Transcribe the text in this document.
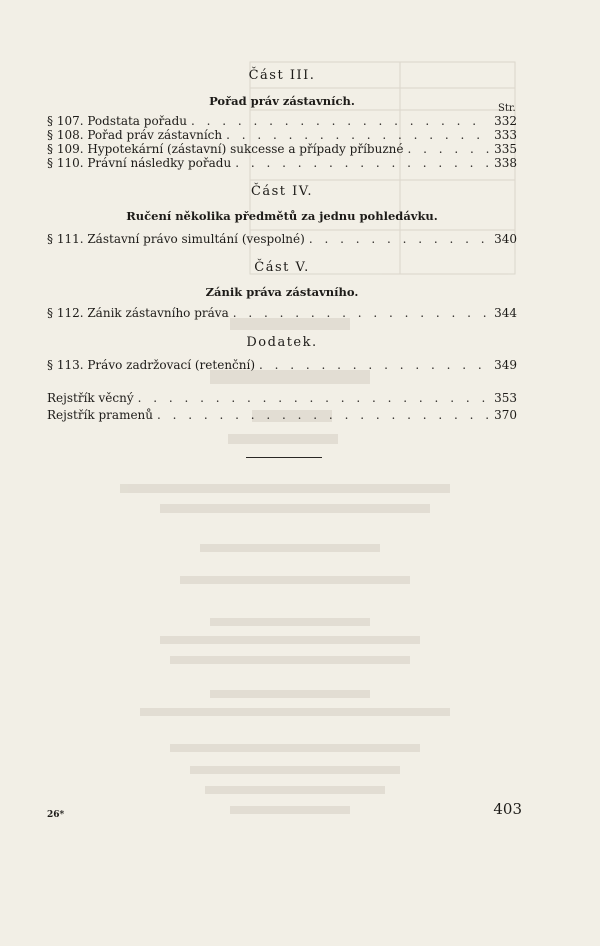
Část III.
Pořad práv zástavních.
Str.
§ 107. Podstata pořadu . . .	332
§ 108. Pořad práv zástavních . . .	333
§ 109. Hypotekární (zástavní) sukcesse a případy příbuzné . . .	335
§ 110. Právní následky pořadu . . .	338
Část IV.
Ručení několika předmětů za jednu pohledávku.
§ 111. Zástavní právo simultání (vespolné) . . .	340
Část V.
Zánik práva zástavního.
§ 112. Zánik zástavního práva . . .	344
Dodatek.
§ 113. Právo zadržovací (retenční) . . .	349
Rejstřík věcný . . .	353
Rejstřík pramenů . . .	370
26*	403
